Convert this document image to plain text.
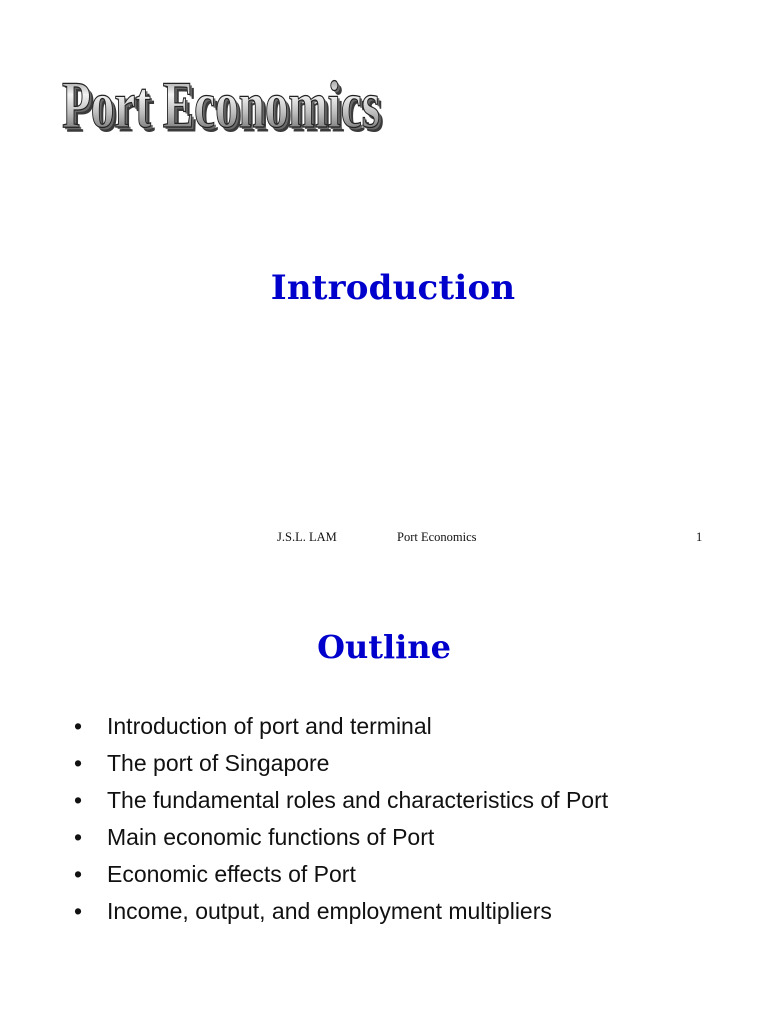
Port Economics
Port Economics
Port Economics
Introduction
J.S.L. LAM	Port Economics	1
Outline
• Introduction of port and terminal
• The port of Singapore
• The fundamental roles and characteristics of Port
• Main economic functions of Port
• Economic effects of Port
• Income, output, and employment multipliers
